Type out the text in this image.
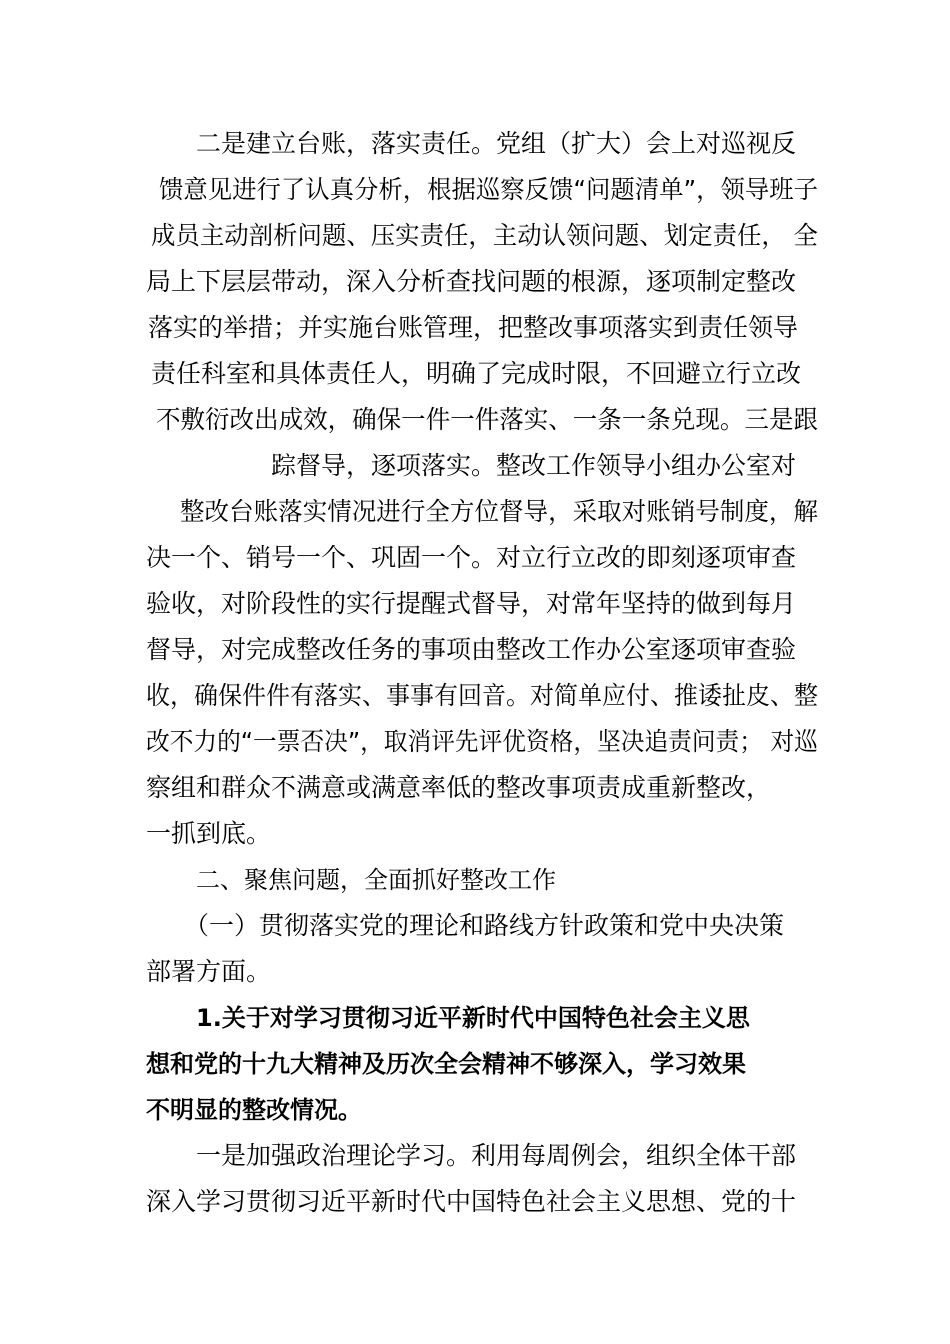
二是建立台账，落实责任。党组（扩大）会上对巡视反
馈意见进行了认真分析，根据巡察反馈“问题清单”，领导班子
成员主动剖析问题、压实责任，主动认领问题、划定责任， 全
局上下层层带动，深入分析查找问题的根源，逐项制定整改
落实的举措；并实施台账管理，把整改事项落实到责任领导
责任科室和具体责任人，明确了完成时限，不回避立行立改
不敷衍改出成效，确保一件一件落实、一条一条兑现。三是跟
踪督导，逐项落实。整改工作领导小组办公室对
整改台账落实情况进行全方位督导，采取对账销号制度，解
决一个、销号一个、巩固一个。对立行立改的即刻逐项审查
验收，对阶段性的实行提醒式督导，对常年坚持的做到每月
督导，对完成整改任务的事项由整改工作办公室逐项审查验
收，确保件件有落实、事事有回音。对简单应付、推诿扯皮、整
改不力的“一票否决”，取消评先评优资格，坚决追责问责； 对巡
察组和群众不满意或满意率低的整改事项责成重新整改，
一抓到底。
二、聚焦问题，全面抓好整改工作
（一）贯彻落实党的理论和路线方针政策和党中央决策
部署方面。
1.关于对学习贯彻习近平新时代中国特色社会主义思
想和党的十九大精神及历次全会精神不够深入，学习效果
不明显的整改情况。
一是加强政治理论学习。利用每周例会，组织全体干部
深入学习贯彻习近平新时代中国特色社会主义思想、党的十
